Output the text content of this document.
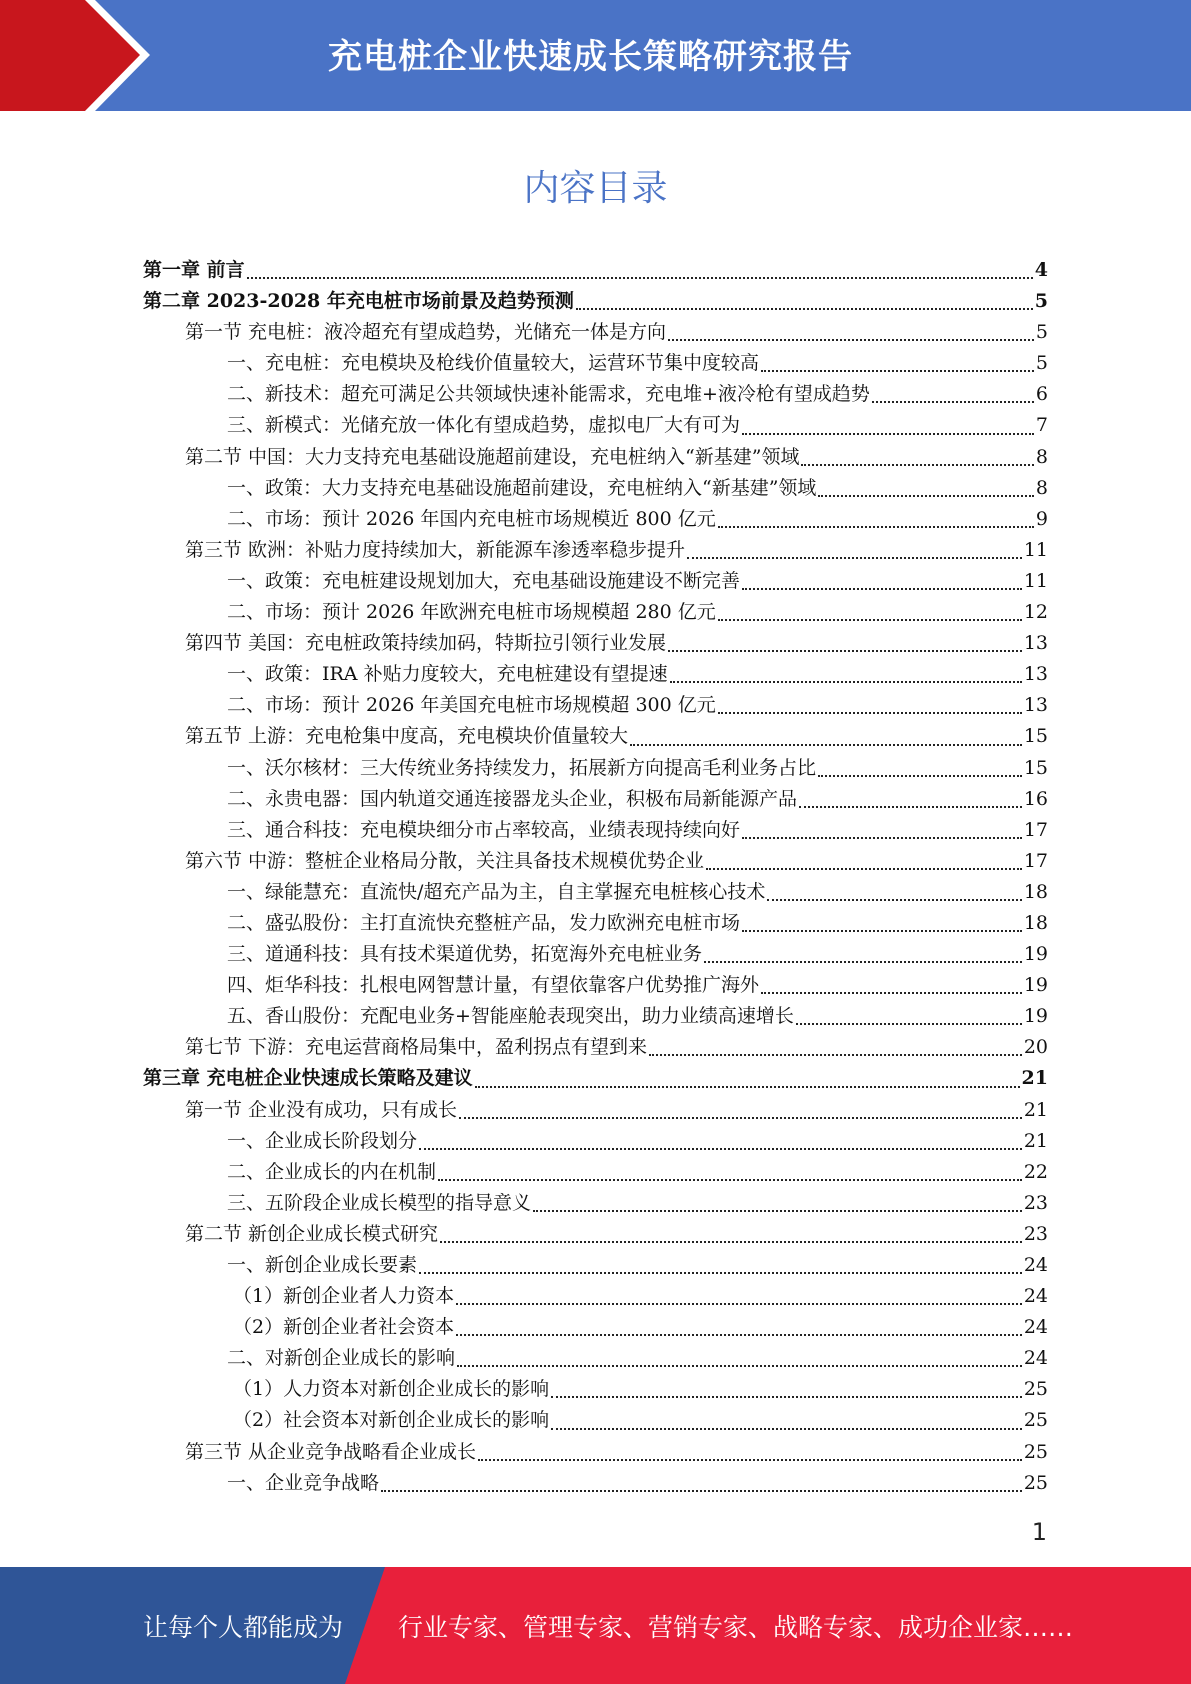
充电桩企业快速成长策略研究报告
内容目录
第一章 前言	4
第二章 2023-2028 年充电桩市场前景及趋势预测	5
第一节 充电桩：液冷超充有望成趋势，光储充一体是方向	5
一、充电桩：充电模块及枪线价值量较大，运营环节集中度较高	5
二、新技术：超充可满足公共领域快速补能需求，充电堆+液冷枪有望成趋势	6
三、新模式：光储充放一体化有望成趋势，虚拟电厂大有可为	7
第二节 中国：大力支持充电基础设施超前建设，充电桩纳入“新基建”领域	8
一、政策：大力支持充电基础设施超前建设，充电桩纳入“新基建”领域	8
二、市场：预计 2026 年国内充电桩市场规模近 800 亿元	9
第三节 欧洲：补贴力度持续加大，新能源车渗透率稳步提升	11
一、政策：充电桩建设规划加大，充电基础设施建设不断完善	11
二、市场：预计 2026 年欧洲充电桩市场规模超 280 亿元	12
第四节 美国：充电桩政策持续加码，特斯拉引领行业发展	13
一、政策：IRA 补贴力度较大，充电桩建设有望提速	13
二、市场：预计 2026 年美国充电桩市场规模超 300 亿元	13
第五节 上游：充电枪集中度高，充电模块价值量较大	15
一、沃尔核材：三大传统业务持续发力，拓展新方向提高毛利业务占比	15
二、永贵电器：国内轨道交通连接器龙头企业，积极布局新能源产品	16
三、通合科技：充电模块细分市占率较高，业绩表现持续向好	17
第六节 中游：整桩企业格局分散，关注具备技术规模优势企业	17
一、绿能慧充：直流快/超充产品为主，自主掌握充电桩核心技术	18
二、盛弘股份：主打直流快充整桩产品，发力欧洲充电桩市场	18
三、道通科技：具有技术渠道优势，拓宽海外充电桩业务	19
四、炬华科技：扎根电网智慧计量，有望依靠客户优势推广海外	19
五、香山股份：充配电业务+智能座舱表现突出，助力业绩高速增长	19
第七节 下游：充电运营商格局集中，盈利拐点有望到来	20
第三章 充电桩企业快速成长策略及建议	21
第一节 企业没有成功，只有成长	21
一、企业成长阶段划分	21
二、企业成长的内在机制	22
三、五阶段企业成长模型的指导意义	23
第二节 新创企业成长模式研究	23
一、新创企业成长要素	24
（1）新创企业者人力资本	24
（2）新创企业者社会资本	24
二、对新创企业成长的影响	24
（1）人力资本对新创企业成长的影响	25
（2）社会资本对新创企业成长的影响	25
第三节 从企业竞争战略看企业成长	25
一、企业竞争战略	25
1
让每个人都能成为 行业专家、管理专家、营销专家、战略专家、成功企业家……
